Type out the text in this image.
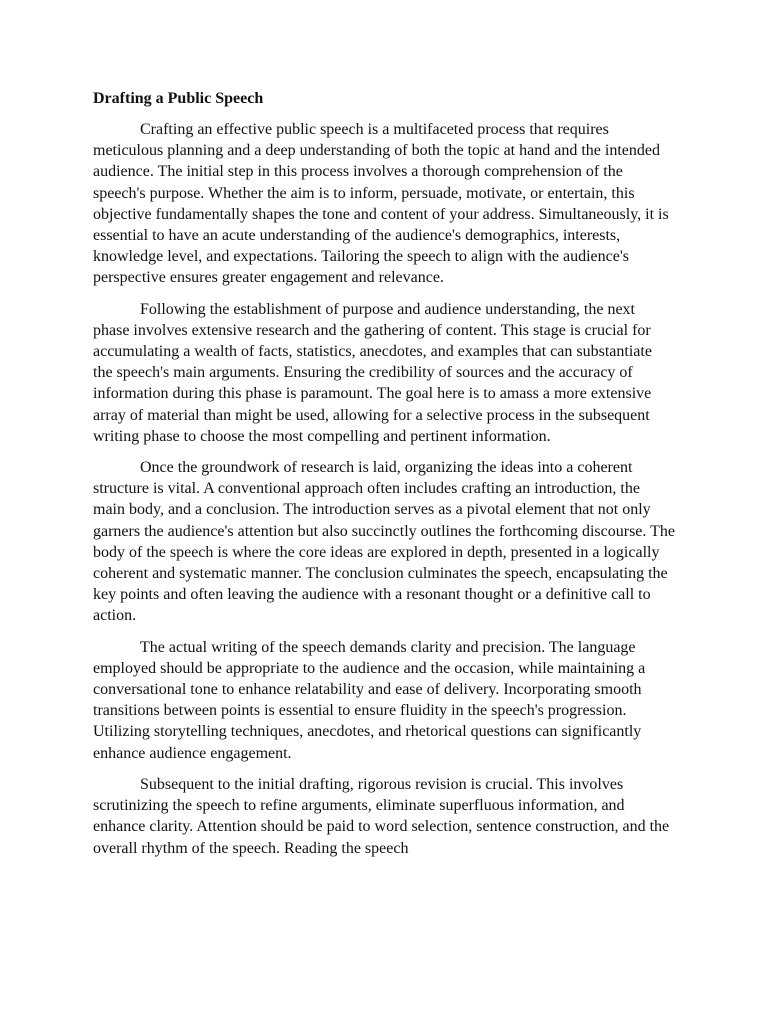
Drafting a Public Speech

Crafting an effective public speech is a multifaceted process that requires meticulous planning and a deep understanding of both the topic at hand and the intended audience. The initial step in this process involves a thorough comprehension of the speech's purpose. Whether the aim is to inform, persuade, motivate, or entertain, this objective fundamentally shapes the tone and content of your address. Simultaneously, it is essential to have an acute understanding of the audience's demographics, interests, knowledge level, and expectations. Tailoring the speech to align with the audience's perspective ensures greater engagement and relevance.

Following the establishment of purpose and audience understanding, the next phase involves extensive research and the gathering of content. This stage is crucial for accumulating a wealth of facts, statistics, anecdotes, and examples that can substantiate the speech's main arguments. Ensuring the credibility of sources and the accuracy of information during this phase is paramount. The goal here is to amass a more extensive array of material than might be used, allowing for a selective process in the subsequent writing phase to choose the most compelling and pertinent information.

Once the groundwork of research is laid, organizing the ideas into a coherent structure is vital. A conventional approach often includes crafting an introduction, the main body, and a conclusion. The introduction serves as a pivotal element that not only garners the audience's attention but also succinctly outlines the forthcoming discourse. The body of the speech is where the core ideas are explored in depth, presented in a logically coherent and systematic manner. The conclusion culminates the speech, encapsulating the key points and often leaving the audience with a resonant thought or a definitive call to action.

The actual writing of the speech demands clarity and precision. The language employed should be appropriate to the audience and the occasion, while maintaining a conversational tone to enhance relatability and ease of delivery. Incorporating smooth transitions between points is essential to ensure fluidity in the speech's progression. Utilizing storytelling techniques, anecdotes, and rhetorical questions can significantly enhance audience engagement.

Subsequent to the initial drafting, rigorous revision is crucial. This involves scrutinizing the speech to refine arguments, eliminate superfluous information, and enhance clarity. Attention should be paid to word selection, sentence construction, and the overall rhythm of the speech. Reading the speech
